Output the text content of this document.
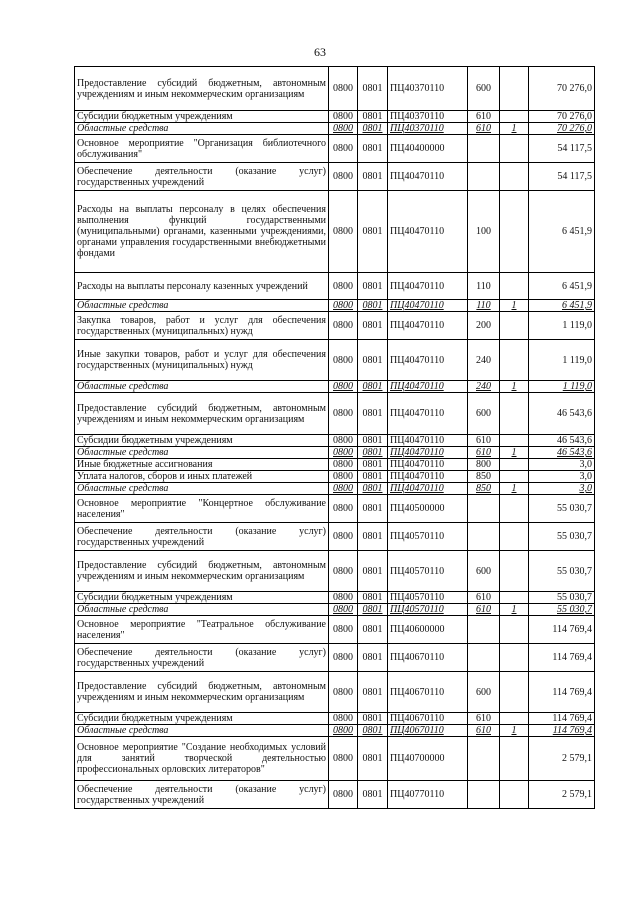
63
Предоставление субсидий бюджетным, автономным учреждениям и иным некоммерческим организациям	0800	0801	ПЦ40370110	600		70 276,0
Субсидии бюджетным учреждениям	0800	0801	ПЦ40370110	610		70 276,0
Областные средства	0800	0801	ПЦ40370110	610	1	70 276,0
Основное мероприятие "Организация библиотечного обслуживания"	0800	0801	ПЦ40400000			54 117,5
Обеспечение деятельности (оказание услуг) государственных учреждений	0800	0801	ПЦ40470110			54 117,5
Расходы на выплаты персоналу в целях обеспечения выполнения функций государственными (муниципальными) органами, казенными учреждениями, органами управления государственными внебюджетными фондами	0800	0801	ПЦ40470110	100		6 451,9
Расходы на выплаты персоналу казенных учреждений	0800	0801	ПЦ40470110	110		6 451,9
Областные средства	0800	0801	ПЦ40470110	110	1	6 451,9
Закупка товаров, работ и услуг для обеспечения государственных (муниципальных) нужд	0800	0801	ПЦ40470110	200		1 119,0
Иные закупки товаров, работ и услуг для обеспечения государственных (муниципальных) нужд	0800	0801	ПЦ40470110	240		1 119,0
Областные средства	0800	0801	ПЦ40470110	240	1	1 119,0
Предоставление субсидий бюджетным, автономным учреждениям и иным некоммерческим организациям	0800	0801	ПЦ40470110	600		46 543,6
Субсидии бюджетным учреждениям	0800	0801	ПЦ40470110	610		46 543,6
Областные средства	0800	0801	ПЦ40470110	610	1	46 543,6
Иные бюджетные ассигнования	0800	0801	ПЦ40470110	800		3,0
Уплата налогов, сборов и иных платежей	0800	0801	ПЦ40470110	850		3,0
Областные средства	0800	0801	ПЦ40470110	850	1	3,0
Основное мероприятие "Концертное обслуживание населения"	0800	0801	ПЦ40500000			55 030,7
Обеспечение деятельности (оказание услуг) государственных учреждений	0800	0801	ПЦ40570110			55 030,7
Предоставление субсидий бюджетным, автономным учреждениям и иным некоммерческим организациям	0800	0801	ПЦ40570110	600		55 030,7
Субсидии бюджетным учреждениям	0800	0801	ПЦ40570110	610		55 030,7
Областные средства	0800	0801	ПЦ40570110	610	1	55 030,7
Основное мероприятие "Театральное обслуживание населения"	0800	0801	ПЦ40600000			114 769,4
Обеспечение деятельности (оказание услуг) государственных учреждений	0800	0801	ПЦ40670110			114 769,4
Предоставление субсидий бюджетным, автономным учреждениям и иным некоммерческим организациям	0800	0801	ПЦ40670110	600		114 769,4
Субсидии бюджетным учреждениям	0800	0801	ПЦ40670110	610		114 769,4
Областные средства	0800	0801	ПЦ40670110	610	1	114 769,4
Основное мероприятие "Создание необходимых условий для занятий творческой деятельностью профессиональных орловских литераторов"	0800	0801	ПЦ40700000			2 579,1
Обеспечение деятельности (оказание услуг) государственных учреждений	0800	0801	ПЦ40770110			2 579,1
